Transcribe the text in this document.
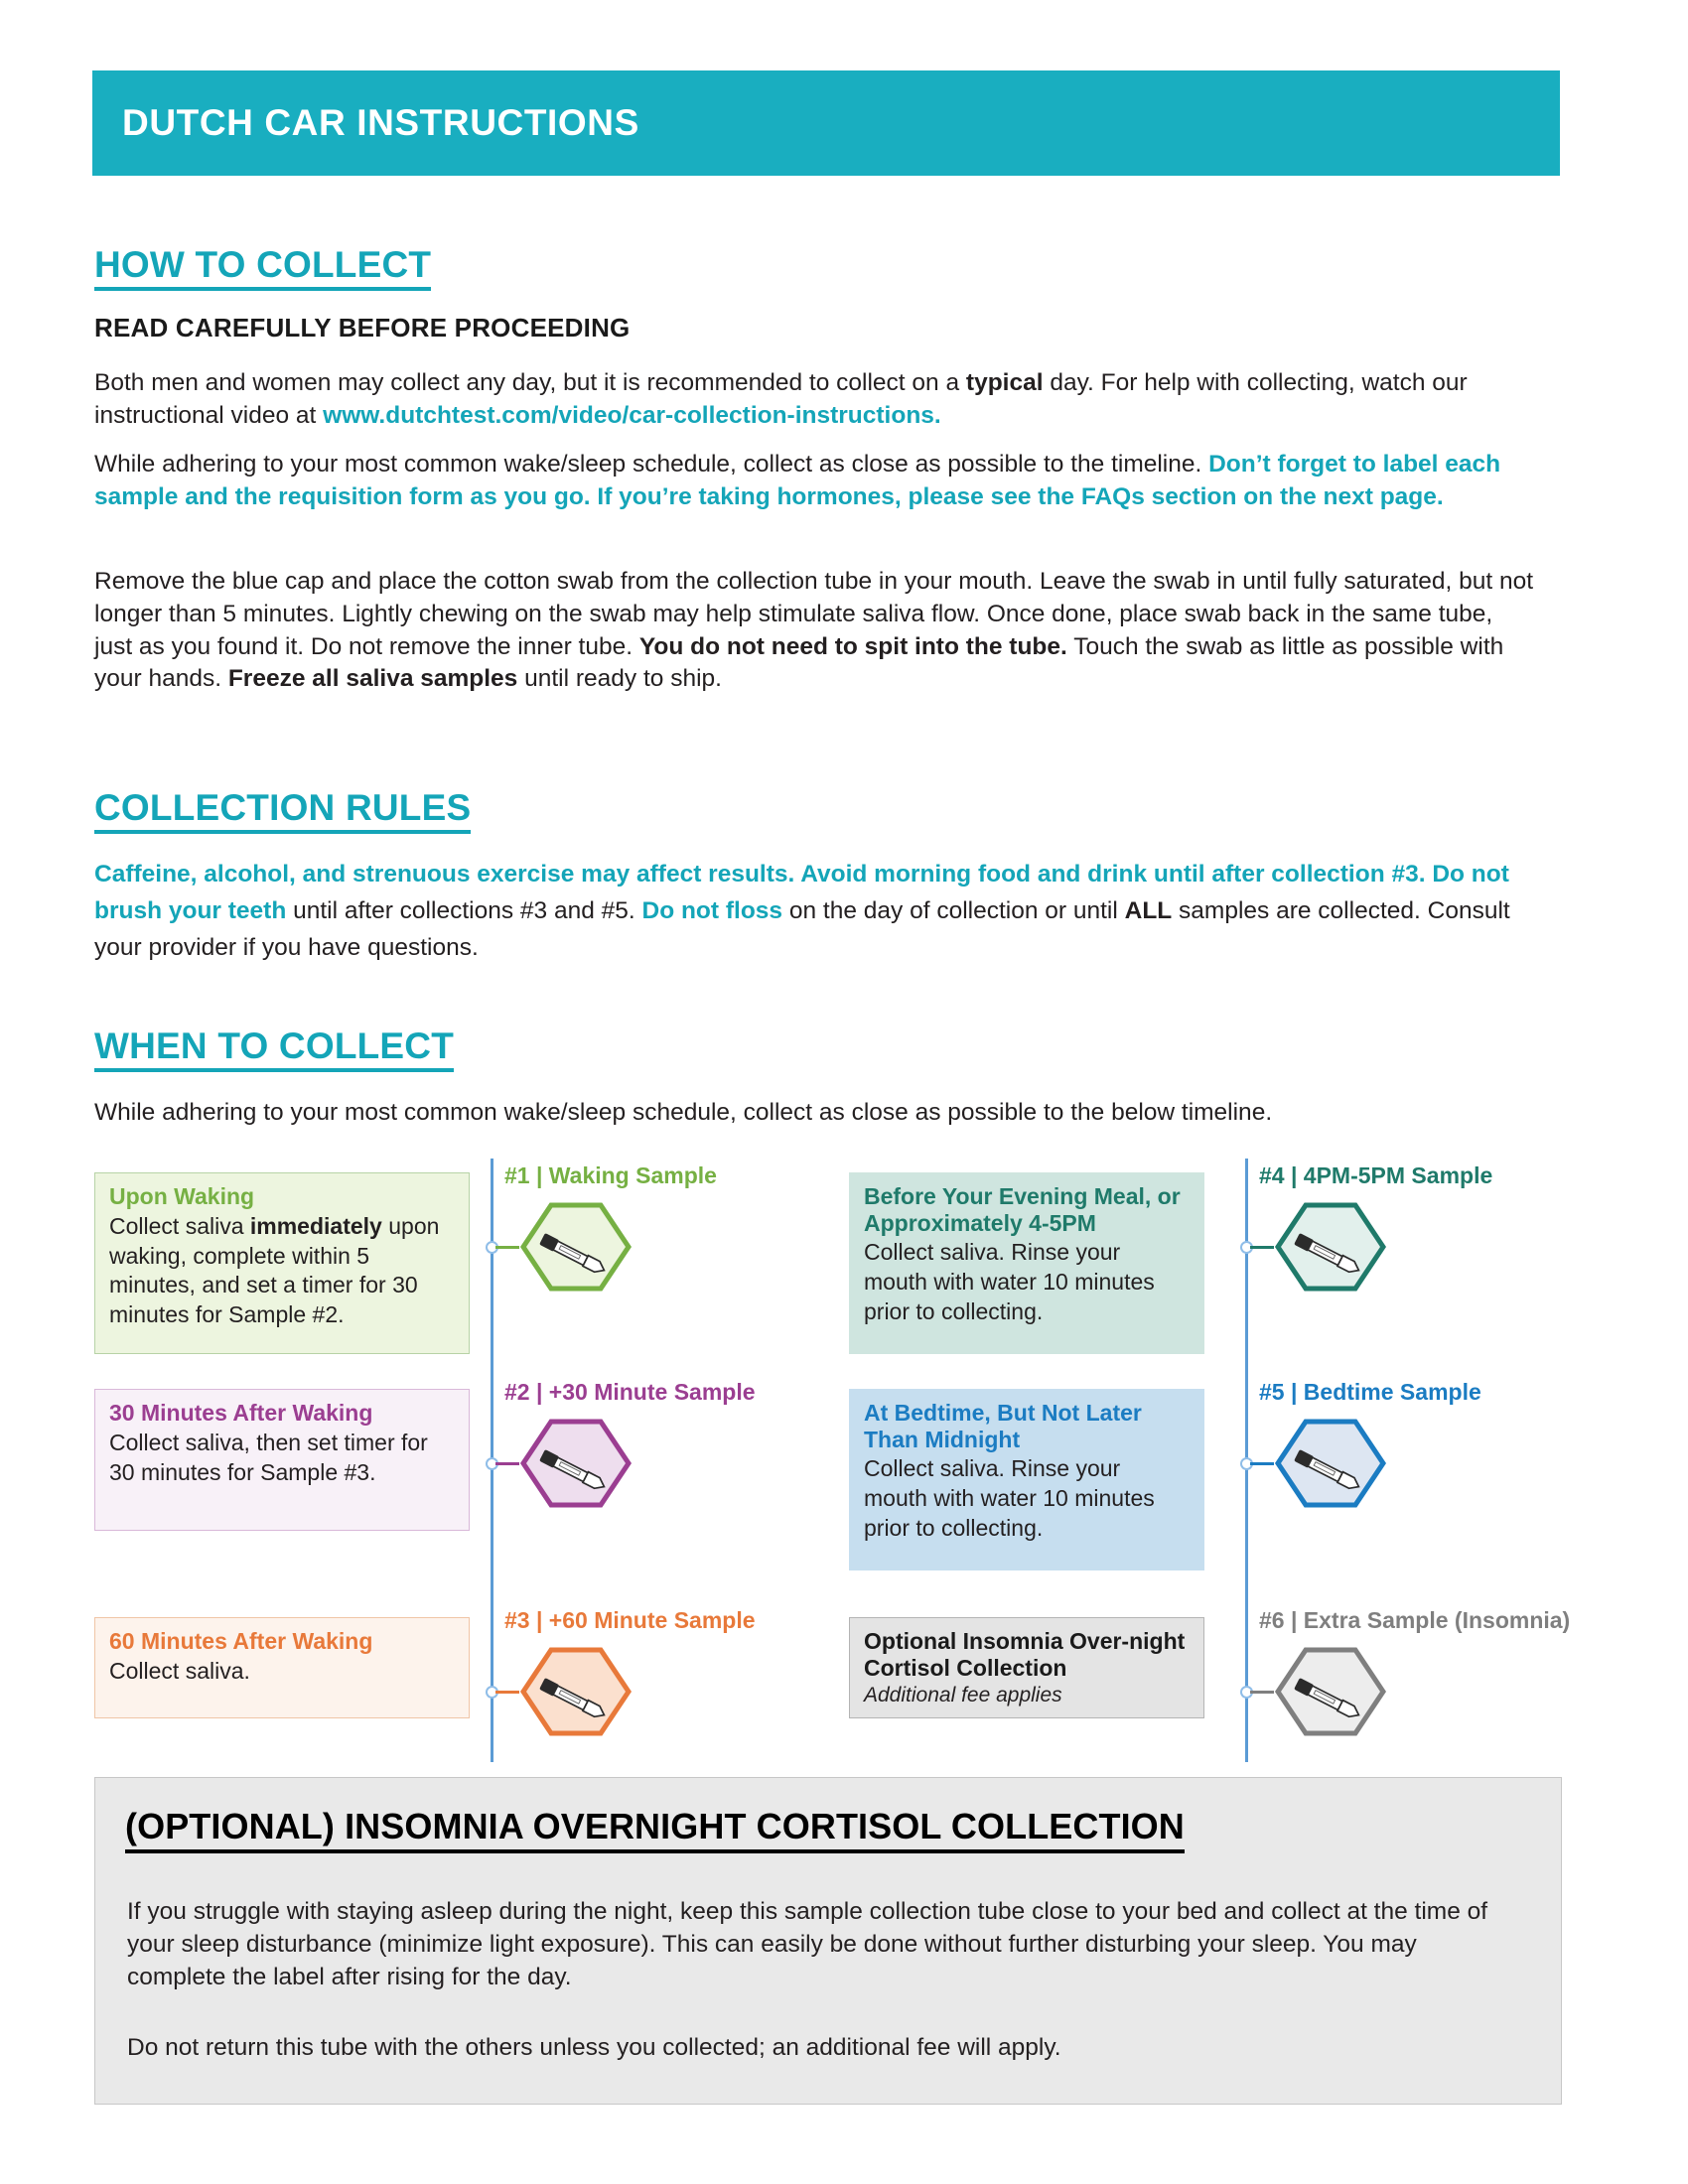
DUTCH CAR INSTRUCTIONS
HOW TO COLLECT
READ CAREFULLY BEFORE PROCEEDING

Both men and women may collect any day, but it is recommended to collect on a typical day. For help with collecting, watch our instructional video at www.dutchtest.com/video/car-collection-instructions.

While adhering to your most common wake/sleep schedule, collect as close as possible to the timeline. Don’t forget to label each sample and the requisition form as you go. If you’re taking hormones, please see the FAQs section on the next page.

Remove the blue cap and place the cotton swab from the collection tube in your mouth. Leave the swab in until fully saturated, but not longer than 5 minutes. Lightly chewing on the swab may help stimulate saliva flow. Once done, place swab back in the same tube, just as you found it. Do not remove the inner tube. You do not need to spit into the tube. Touch the swab as little as possible with your hands. Freeze all saliva samples until ready to ship.

COLLECTION RULES

Caffeine, alcohol, and strenuous exercise may affect results. Avoid morning food and drink until after collection #3. Do not brush your teeth until after collections #3 and #5. Do not floss on the day of collection or until ALL samples are collected. Consult your provider if you have questions.

WHEN TO COLLECT

While adhering to your most common wake/sleep schedule, collect as close as possible to the below timeline.

Upon Waking
Collect saliva immediately upon waking, complete within 5 minutes, and set a timer for 30 minutes for Sample #2.
#1 | Waking Sample
30 Minutes After Waking
Collect saliva, then set timer for 30 minutes for Sample #3.
#2 | +30 Minute Sample
60 Minutes After Waking
Collect saliva.
#3 | +60 Minute Sample
Before Your Evening Meal, or Approximately 4-5PM
Collect saliva. Rinse your mouth with water 10 minutes prior to collecting.
#4 | 4PM-5PM Sample
At Bedtime, But Not Later Than Midnight
Collect saliva. Rinse your mouth with water 10 minutes prior to collecting.
#5 | Bedtime Sample
Optional Insomnia Over-night Cortisol Collection
Additional fee applies
#6 | Extra Sample (Insomnia)
(OPTIONAL) INSOMNIA OVERNIGHT CORTISOL COLLECTION
If you struggle with staying asleep during the night, keep this sample collection tube close to your bed and collect at the time of your sleep disturbance (minimize light exposure). This can easily be done without further disturbing your sleep. You may complete the label after rising for the day.
Do not return this tube with the others unless you collected; an additional fee will apply.
